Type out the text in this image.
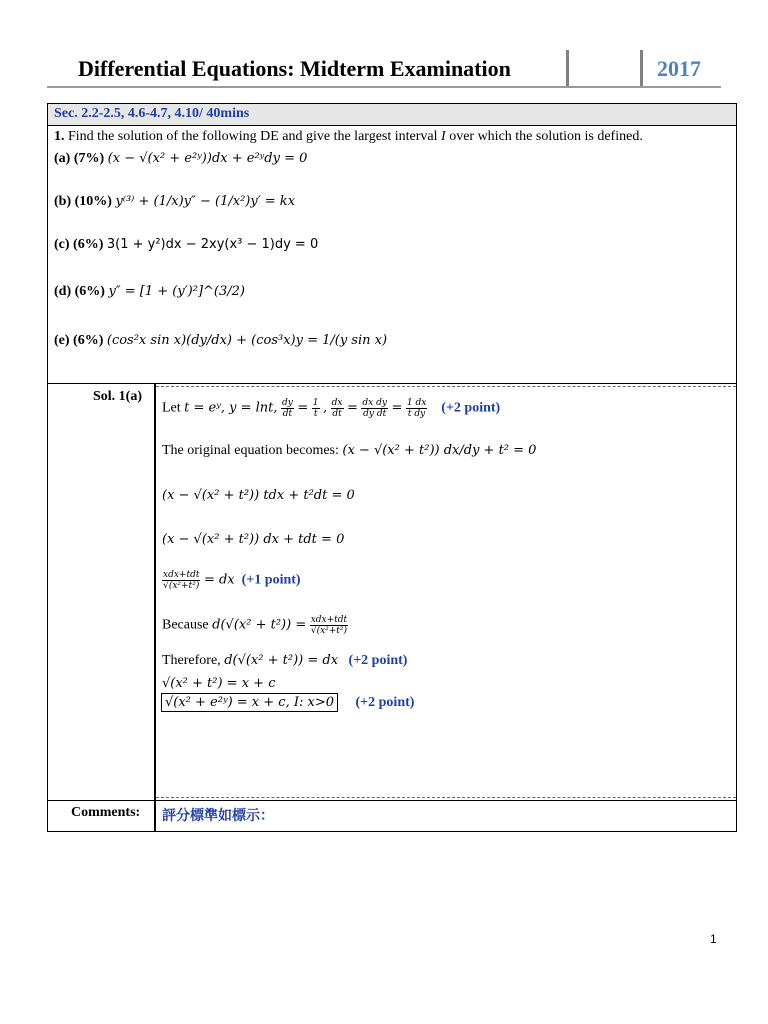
Differential Equations: Midterm Examination	2017
Sec. 2.2-2.5, 4.6-4.7, 4.10/ 40mins
1. Find the solution of the following DE and give the largest interval I over which the solution is defined.
(a) (7%) (x − √(x² + e²ʸ))dx + e²ʸdy = 0
(b) (10%) y⁽³⁾ + (1/x)y″ − (1/x²)y′ = kx
(c) (6%) 3(1 + y²)dx − 2xy(x³ − 1)dy = 0
(d) (6%) y″ = [1 + (y′)²]^(3/2)
(e) (6%) (cos²x sin x)(dy/dx) + (cos³x)y = 1/(y sin x)
Sol. 1(a)
Let t = eʸ, y = lnt, $\frac{dy}{dt} = \frac{1}{t}$ , $\frac{dx}{dt} = \frac{\text{dx dy}}{\text{dy dt}} = \frac{1 dx}{\text{t dy}} (+2$ point)
The original equation becomes: (x − √(x² + t²)) dx/dy + t² = 0
(x − √(x² + t²)) tdx + t²dt = 0
(x − √(x² + t²)) dx + tdt = 0
xdx+tdt
√(x²+t²) = dx (+1 point)
Because d(√(x² + t²)) = xdx+tdt
√(x²+t²)
Therefore, d(√(x² + t²)) = dx (+2 point)
√(x² + t²) = x + c
√(x² + e²ʸ) = x + c, I: x>0 (+2 point)
Comments: 評分標準如標示：
1
